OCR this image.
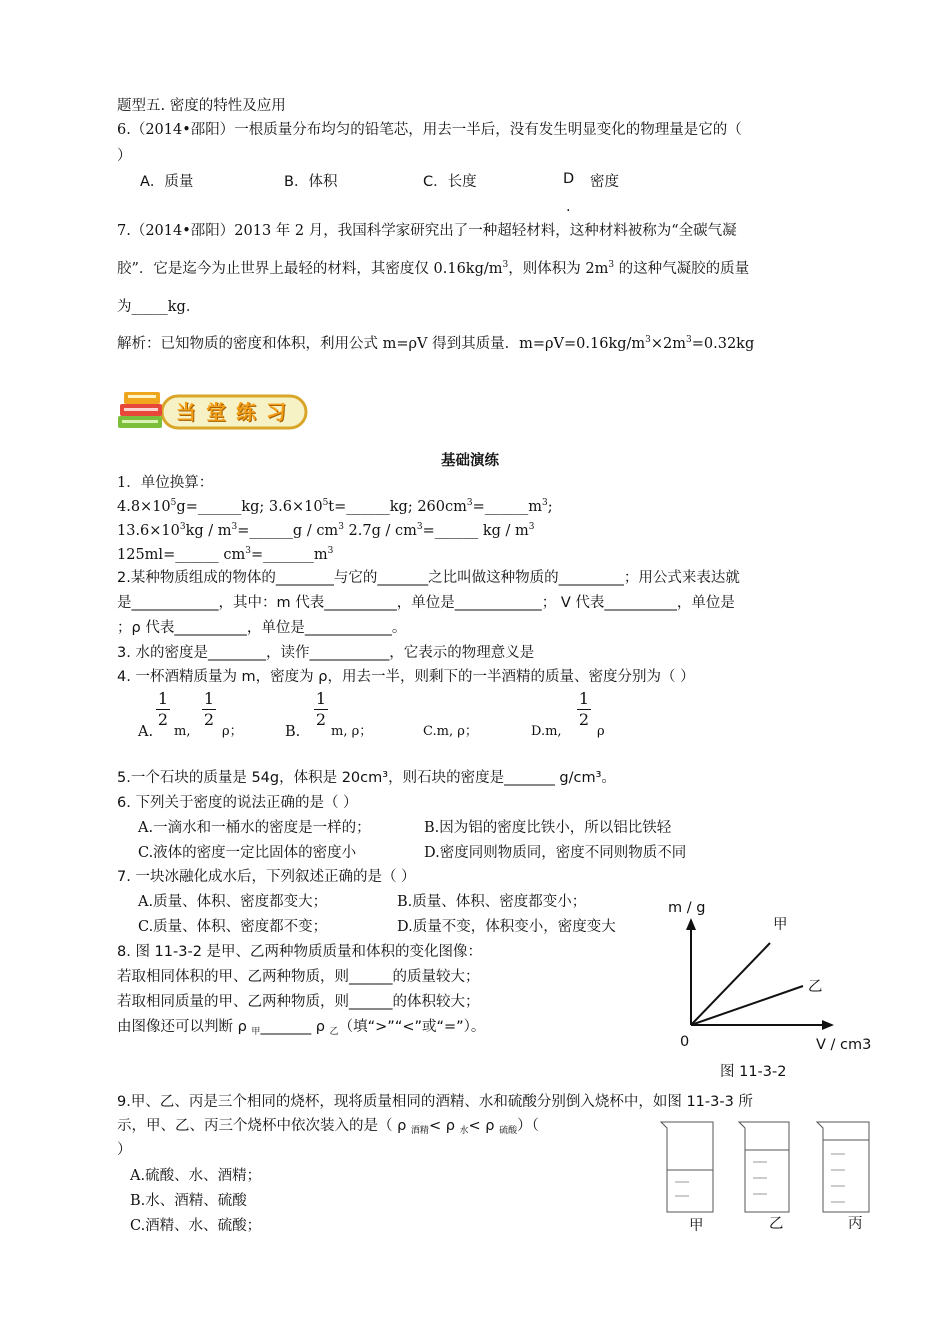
题型五. 密度的特性及应用
6.（2014•邵阳）一根质量分布均匀的铅笔芯，用去一半后，没有发生明显变化的物理量是它的（
）
A．质量	B．体积	C．长度	D
.
密度
7.（2014•邵阳）2013 年 2 月，我国科学家研究出了一种超轻材料，这种材料被称为“全碳气凝
胶”．它是迄今为止世界上最轻的材料，其密度仅 $0.16kg/m^3$，则体积为 $2m^3$ 的这种气凝胶的质量
为_____kg．
解析：已知物质的密度和体积，利用公式 m=ρV 得到其质量．$m=\rho V=0.16kg/m^3\times 2m^3=0.32kg$
当堂练习
基础演练
1．单位换算：
$4.8\times 10^5g=\_\_\_\_\_\_kg$; $3.6\times 10^5t=\_\_\_\_\_\_kg$; $260cm^3=\_\_\_\_\_\_m^3$;
$13.6\times 10^3kg$ / $m^3=\_\_\_\_\_\_g / cm^3$ $2.7g / cm^3=\_\_\_\_\_\_$ kg / $m^3$
125ml=______ $cm^3=\_\_\_\_\_\_\_m^3$
2.某种物质组成的物体的________与它的_______之比叫做这种物质的_________；用公式来表达就
是____________，其中：m 代表__________，单位是____________； V 代表__________，单位是
；ρ 代表__________，单位是____________。
3. 水的密度是________，读作___________，它表示的物理意义是
4. 一杯酒精质量为 m，密度为 ρ，用去一半，则剩下的一半酒精的质量、密度分别为（ ）
A.
1
2
m,
1
2
ρ；	B.
1
2
m, ρ；	C.m, ρ；	D.m,
1
2
ρ
5.一个石块的质量是 54g，体积是 20cm³，则石块的密度是_______ g/cm³。
6. 下列关于密度的说法正确的是（ ）
A.一滴水和一桶水的密度是一样的；	B.因为铝的密度比铁小，所以铝比铁轻
C.液体的密度一定比固体的密度小	D.密度同则物质同，密度不同则物质不同
7. 一块冰融化成水后，下列叙述正确的是（ ）
A.质量、体积、密度都变大；	B.质量、体积、密度都变小；
C.质量、体积、密度都不变；	D.质量不变，体积变小，密度变大
8. 图 11-3-2 是甲、乙两种物质质量和体积的变化图像：
若取相同体积的甲、乙两种物质，则______的质量较大；
若取相同质量的甲、乙两种物质，则______的体积较大；
由图像还可以判断 ρ $_甲$_______ ρ $_乙$（填“>”“<”或“=”）。
m / g
甲
乙
0	V / cm3
图 11-3-2
9.甲、乙、丙是三个相同的烧杯，现将质量相同的酒精、水和硫酸分别倒入烧杯中，如图 11-3-3 所
示，甲、乙、丙三个烧杯中依次装入的是（ ρ $_{酒精}$< ρ $_水$< ρ $_{硫酸}$）（
）
A.硫酸、水、酒精；
B.水、酒精、硫酸
C.酒精、水、硫酸；	甲	乙	丙
